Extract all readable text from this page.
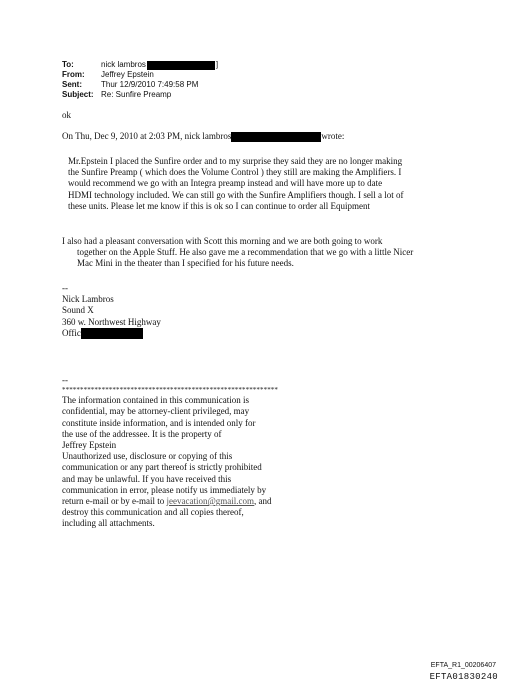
To:	nick lambros	]
From:	Jeffrey Epstein
Sent:	Thur 12/9/2010 7:49:58 PM
Subject: Re: Sunfire Preamp
ok
On Thu, Dec 9, 2010 at 2:03 PM, nick lambros	wrote:
Mr.Epstein I placed the Sunfire order and to my surprise they said they are no longer making
the Sunfire Preamp ( which does the Volume Control ) they still are making the Amplifiers. I
would recommend we go with an Integra preamp instead and will have more up to date
HDMI technology included. We can still go with the Sunfire Amplifiers though. I sell a lot of
these units. Please let me know if this is ok so I can continue to order all Equipment
I also had a pleasant conversation with Scott this morning and we are both going to work
together on the Apple Stuff. He also gave me a recommendation that we go with a little Nicer
Mac Mini in the theater than I specified for his future needs.
--
Nick Lambros
Sound X
360 w. Northwest Highway
Offic
--
************************************************************
The information contained in this communication is
confidential, may be attorney-client privileged, may
constitute inside information, and is intended only for
the use of the addressee. It is the property of
Jeffrey Epstein
Unauthorized use, disclosure or copying of this
communication or any part thereof is strictly prohibited
and may be unlawful. If you have received this
communication in error, please notify us immediately by
return e-mail or by e-mail to jeevacation@gmail.com, and
destroy this communication and all copies thereof,
including all attachments.
EFTA_R1_00206407
EFTA01830240
